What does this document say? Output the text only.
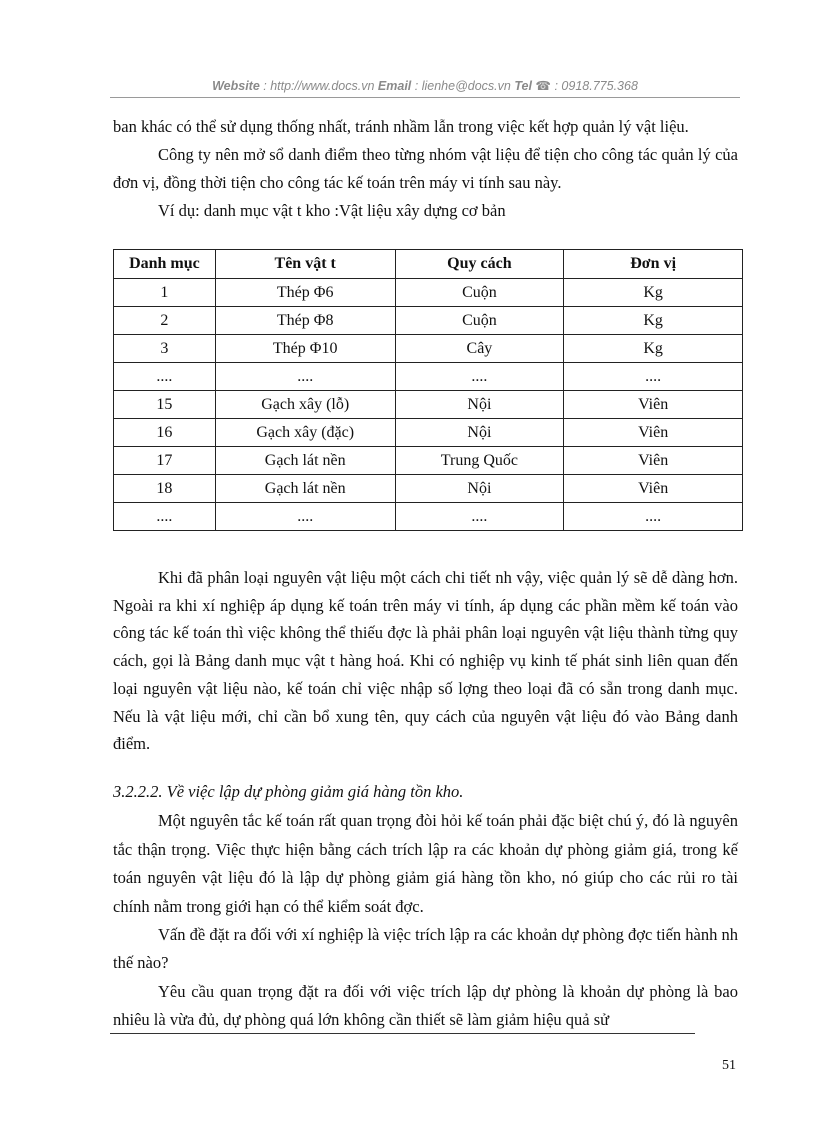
Website : http://www.docs.vn Email : lienhe@docs.vn Tel ☎ : 0918.775.368

ban khác có thể sử dụng thống nhất, tránh nhầm lẫn trong việc kết hợp quản lý vật liệu.

Công ty nên mở sổ danh điểm theo từng nhóm vật liệu để tiện cho công tác quản lý của đơn vị, đồng thời tiện cho công tác kế toán trên máy vi tính sau này.

Ví dụ: danh mục vật t kho :Vật liệu xây dựng cơ bản

Danh mục	Tên vật t	Quy cách	Đơn vị
1	Thép Φ6	Cuộn	Kg
2	Thép Φ8	Cuộn	Kg
3	Thép Φ10	Cây	Kg
....	....	....	....
15	Gạch xây (lỗ)	Nội	Viên
16	Gạch xây (đặc)	Nội	Viên
17	Gạch lát nền	Trung Quốc	Viên
18	Gạch lát nền	Nội	Viên
....	....	....	....

Khi đã phân loại nguyên vật liệu một cách chi tiết nh vậy, việc quản lý sẽ dễ dàng hơn. Ngoài ra khi xí nghiệp áp dụng kế toán trên máy vi tính, áp dụng các phần mềm kế toán vào công tác kế toán thì việc không thể thiếu đợc là phải phân loại nguyên vật liệu thành từng quy cách, gọi là Bảng danh mục vật t hàng hoá. Khi có nghiệp vụ kinh tế phát sinh liên quan đến loại nguyên vật liệu nào, kế toán chỉ việc nhập số lợng theo loại đã có sẵn trong danh mục. Nếu là vật liệu mới, chỉ cần bổ xung tên, quy cách của nguyên vật liệu đó vào Bảng danh điểm.

3.2.2.2. Về việc lập dự phòng giảm giá hàng tồn kho.

Một nguyên tắc kế toán rất quan trọng đòi hỏi kế toán phải đặc biệt chú ý, đó là nguyên tắc thận trọng. Việc thực hiện bằng cách trích lập ra các khoản dự phòng giảm giá, trong kế toán nguyên vật liệu đó là lập dự phòng giảm giá hàng tồn kho, nó giúp cho các rủi ro tài chính nằm trong giới hạn có thể kiểm soát đợc.

Vấn đề đặt ra đối với xí nghiệp là việc trích lập ra các khoản dự phòng đợc tiến hành nh thế nào?

Yêu cầu quan trọng đặt ra đối với việc trích lập dự phòng là khoản dự phòng là bao nhiêu là vừa đủ, dự phòng quá lớn không cần thiết sẽ làm giảm hiệu quả sử

51
